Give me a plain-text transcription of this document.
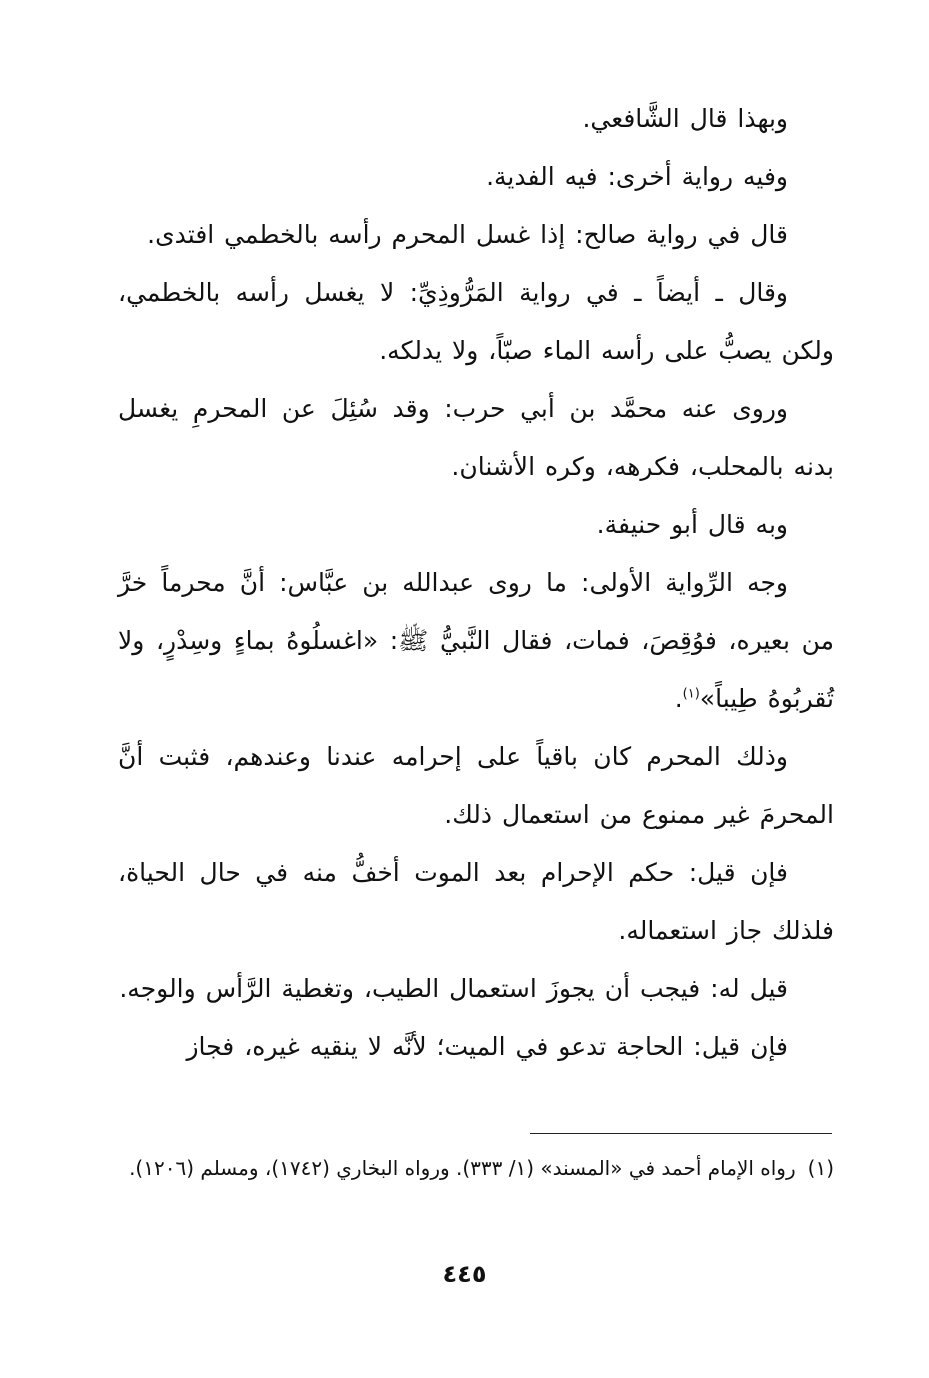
وبهذا قال الشَّافعي.

وفيه رواية أخرى: فيه الفدية.

قال في رواية صالح: إذا غسل المحرم رأسه بالخطمي افتدى.

وقال ـ أيضاً ـ في رواية المَرُّوذِيِّ: لا يغسل رأسه بالخطمي، ولكن يصبُّ على رأسه الماء صبّاً، ولا يدلكه.

وروى عنه محمَّد بن أبي حرب: وقد سُئِلَ عن المحرمِ يغسل بدنه بالمحلب، فكرهه، وكره الأشنان.

وبه قال أبو حنيفة.

وجه الرِّواية الأولى: ما روى عبدالله بن عبَّاس: أنَّ محرماً خرَّ من بعيره، فوُقِصَ، فمات، فقال النَّبيُّ ﷺ: «اغسلُوهُ بماءٍ وسِدْرٍ، ولا تُقربُوهُ طِيباً»$^{(١)}$.

وذلك المحرم كان باقياً على إحرامه عندنا وعندهم، فثبت أنَّ المحرمَ غير ممنوع من استعمال ذلك.

فإن قيل: حكم الإحرام بعد الموت أخفُّ منه في حال الحياة، فلذلك جاز استعماله.

قيل له: فيجب أن يجوزَ استعمال الطيب، وتغطية الرَّأس والوجه.

فإن قيل: الحاجة تدعو في الميت؛ لأنَّه لا ينقيه غيره، فجاز

(١)رواه الإمام أحمد في «المسند» (١/ ٣٣٣). ورواه البخاري (١٧٤٢)، ومسلم (١٢٠٦).

٤٤٥
